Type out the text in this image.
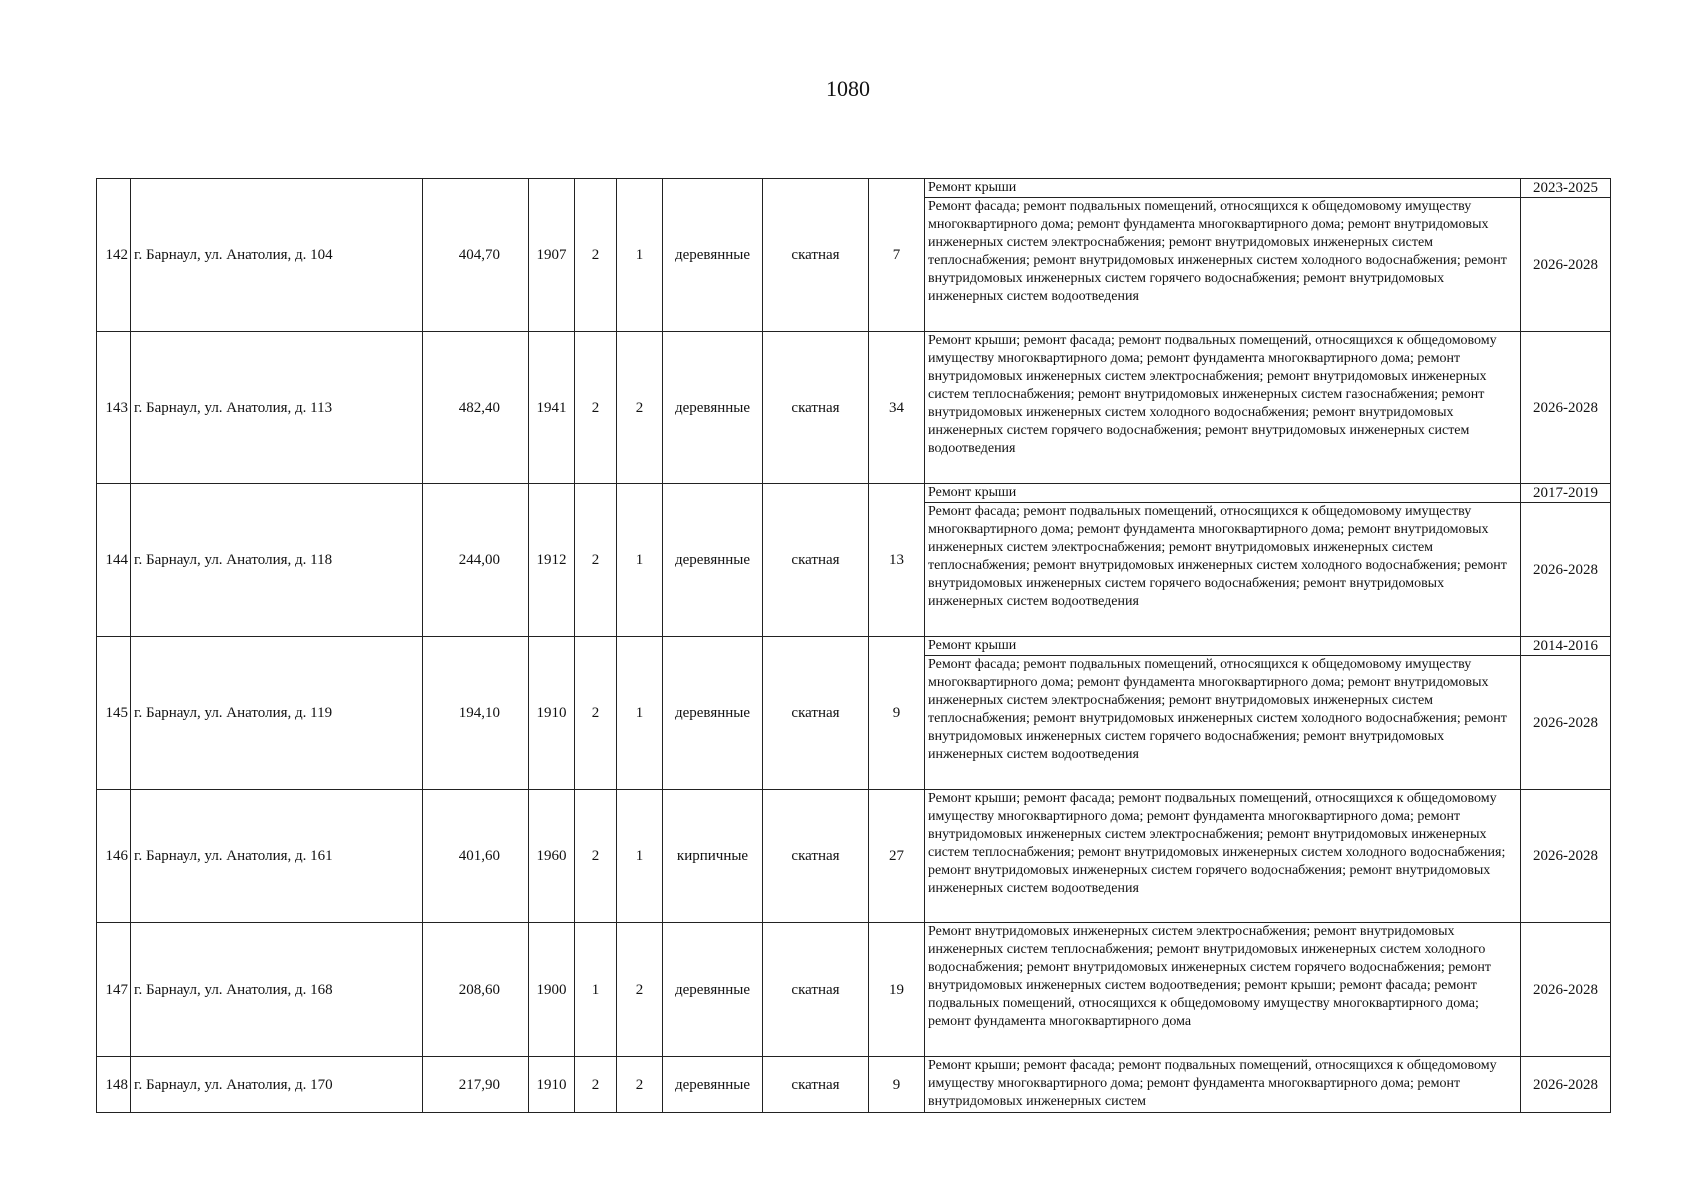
1080
142	г. Барнаул, ул. Анатолия, д. 104	404,70	1907	2	1	деревянные	скатная	7	Ремонт крыши	2023-2025
									Ремонт фасада; ремонт подвальных помещений, относящихся к общедомовому имуществу многоквартирного дома; ремонт фундамента многоквартирного дома; ремонт внутридомовых инженерных систем электроснабжения; ремонт внутридомовых инженерных систем теплоснабжения; ремонт внутридомовых инженерных систем холодного водоснабжения; ремонт внутридомовых инженерных систем горячего водоснабжения; ремонт внутридомовых инженерных систем водоотведения	2026-2028
143	г. Барнаул, ул. Анатолия, д. 113	482,40	1941	2	2	деревянные	скатная	34	Ремонт крыши; ремонт фасада; ремонт подвальных помещений, относящихся к общедомовому имуществу многоквартирного дома; ремонт фундамента многоквартирного дома; ремонт внутридомовых инженерных систем электроснабжения; ремонт внутридомовых инженерных систем теплоснабжения; ремонт внутридомовых инженерных систем газоснабжения; ремонт внутридомовых инженерных систем холодного водоснабжения; ремонт внутридомовых инженерных систем горячего водоснабжения; ремонт внутридомовых инженерных систем водоотведения	2026-2028
144	г. Барнаул, ул. Анатолия, д. 118	244,00	1912	2	1	деревянные	скатная	13	Ремонт крыши	2017-2019
									Ремонт фасада; ремонт подвальных помещений, относящихся к общедомовому имуществу многоквартирного дома; ремонт фундамента многоквартирного дома; ремонт внутридомовых инженерных систем электроснабжения; ремонт внутридомовых инженерных систем теплоснабжения; ремонт внутридомовых инженерных систем холодного водоснабжения; ремонт внутридомовых инженерных систем горячего водоснабжения; ремонт внутридомовых инженерных систем водоотведения	2026-2028
145	г. Барнаул, ул. Анатолия, д. 119	194,10	1910	2	1	деревянные	скатная	9	Ремонт крыши	2014-2016
									Ремонт фасада; ремонт подвальных помещений, относящихся к общедомовому имуществу многоквартирного дома; ремонт фундамента многоквартирного дома; ремонт внутридомовых инженерных систем электроснабжения; ремонт внутридомовых инженерных систем теплоснабжения; ремонт внутридомовых инженерных систем холодного водоснабжения; ремонт внутридомовых инженерных систем горячего водоснабжения; ремонт внутридомовых инженерных систем водоотведения	2026-2028
146	г. Барнаул, ул. Анатолия, д. 161	401,60	1960	2	1	кирпичные	скатная	27	Ремонт крыши; ремонт фасада; ремонт подвальных помещений, относящихся к общедомовому имуществу многоквартирного дома; ремонт фундамента многоквартирного дома; ремонт внутридомовых инженерных систем электроснабжения; ремонт внутридомовых инженерных систем теплоснабжения; ремонт внутридомовых инженерных систем холодного водоснабжения; ремонт внутридомовых инженерных систем горячего водоснабжения; ремонт внутридомовых инженерных систем водоотведения	2026-2028
147	г. Барнаул, ул. Анатолия, д. 168	208,60	1900	1	2	деревянные	скатная	19	Ремонт внутридомовых инженерных систем электроснабжения; ремонт внутридомовых инженерных систем теплоснабжения; ремонт внутридомовых инженерных систем холодного водоснабжения; ремонт внутридомовых инженерных систем горячего водоснабжения; ремонт внутридомовых инженерных систем водоотведения; ремонт крыши; ремонт фасада; ремонт подвальных помещений, относящихся к общедомовому имуществу многоквартирного дома; ремонт фундамента многоквартирного дома	2026-2028
148	г. Барнаул, ул. Анатолия, д. 170	217,90	1910	2	2	деревянные	скатная	9	Ремонт крыши; ремонт фасада; ремонт подвальных помещений, относящихся к общедомовому имуществу многоквартирного дома; ремонт фундамента многоквартирного дома; ремонт внутридомовых инженерных систем	2026-2028
